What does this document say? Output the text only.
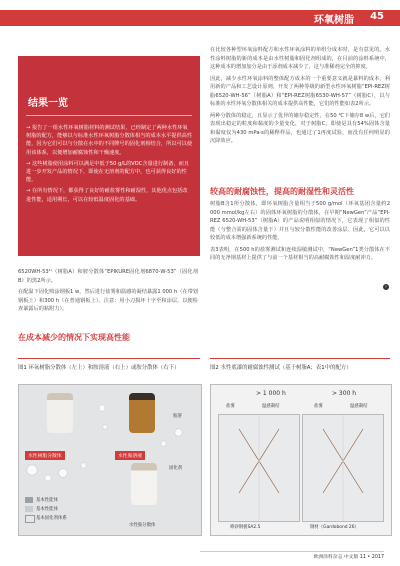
环氧树脂 45
结果一览
→ 报告了一组水性环氧树脂材料的测试结果，已经制定了两种水性环氧树脂的配方，能够以与标准水性环氧树脂分散体相当的成本水平提供高性能，因为它们可以与分散在水中的不同牌号的固化剂相结合，所以可以使用该体系，以便增加耐腐蚀性和干燥速度。
→ 这些树脂使用涂料可以满足中低于50 g/L的VOC含量进行制备，而且进一步开发产品的情况下，即使在无溶剂的配方中，也可获得良好的性能。
→ 在所有情况下，都获得了良好的耐盐雾性和耐湿性，其他优点包括改进性能，适用期长，可以在较低温度固化的基础。

6520WH-53¹⁾（树脂A）和胺分散体“EPIKURE固化剂6870-W-53”（固化剂B）的黑2所示。

在配温下固化喷涂钢板1 w，然后进行盐雾和温感的凝结暴露1 000 h（在带划钢板上）和300 h（在普通钢板上）。注意：用小刀损坏十字至和涂层，以便检查暴露后的粘附力）。

在成本减少的情况下实现高性能

在比较各种型环氧涂料配方和水性环氧涂料的单组分成本时，是有意见的。水性涂料树脂的新的成本是由水性树脂和固化剂组成的，在目前的涂料系统中，这种成本的增加加分是由于添剂成本减少了，这与准稀剂完全的抑度。

因此，减少水性环氧涂料的整体配方成本的一个重要意义就是暴料的成本。利用新的产品和工艺设计原则，开发了两种等级的新型水性环氧树脂“EPI-REZ树脂6520-WH-56”（树脂A）和“EPI-REZ树脂6530-WH-57”（树脂C），以与标准的水性环氧分散体相关的成本提供高性能，它们的性能如表2所示。

两种分散体的稳定，且显示了优异的储存稳定性，在50 ℃下储存8 w后，它们表现出稳定的粒度和黏度的少量变化，对于树脂C，即使是具有54%固体含量和黏度仅为430 mPa·s的稀释样品，也通过了1再度试验，而没有任何明显的沉降效应。

较高的耐腐蚀性，提高的耐湿性和灵活性

树脂B含1所分散体，即环氧树脂含量相当于500 g/mol（环氧基团含量约2 000 mmol/kg左右）的固体环氧树脂的分散体，在早期“NewGen”产品“EPI-REZ 6520-WH-53”（树脂A）的产品说明相似的情况下，它表现了相似的性能（与整合需的固体含量下）并且与较分散性能的改善涂层、因此，它可以以较低的成本增强新系统的性能。

表3表明，在500 h的盐雾测试和连续湿敏测试中，“NewGen”1类分散体在不同的无净钢基材上提供了与前一个基材相当的高耐腐蚀性和湿度耐冲力。

›
图1 环氧树脂分散体（左上）和胺溶液（右上）或胺分散体（右下）
水性树脂分散体	水性胺溶液
胺溶
固化剂
水性胺分散体
基本性能体
基本性能体
基本固化剂体系
图2 水性底漆的耐腐蚀性测试（基于树脂A；表1中的配方）
> 1 000 h	> 300 h
盐雾	温感凝结	盐雾	温感凝结
喷砂钢板SA2.5	钢材（Gardobond 26）
欧洲涂料杂志 中文版 11 • 2017
